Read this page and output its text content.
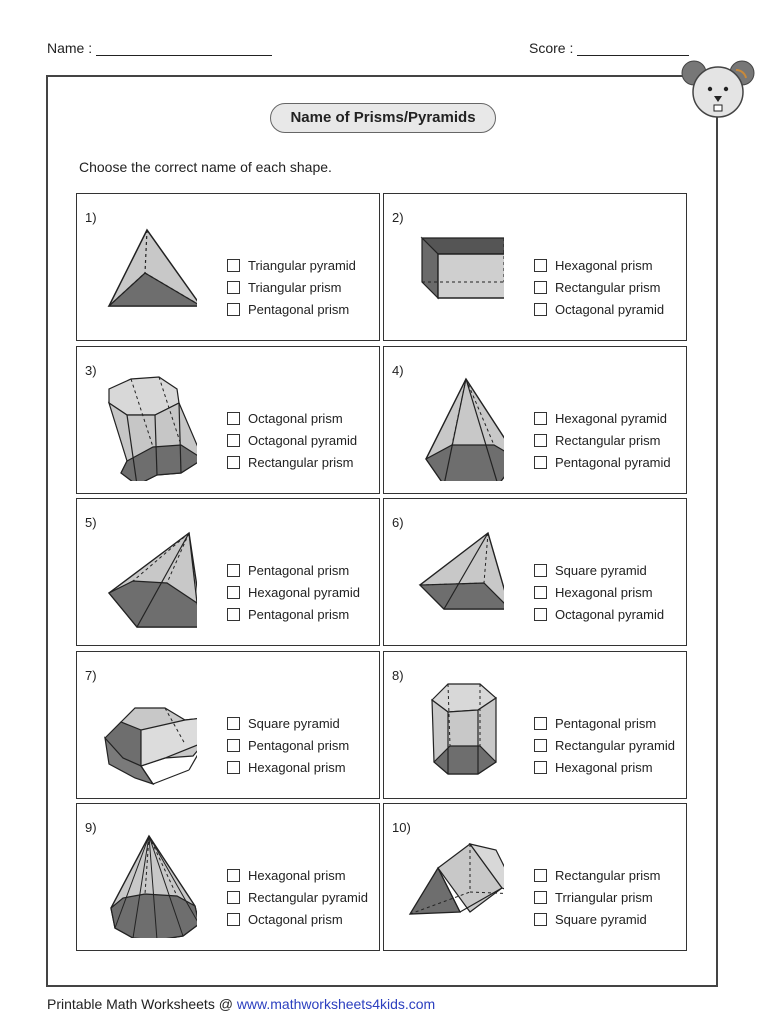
Name :	Score :
Name of Prisms/Pyramids
Choose the correct name of each shape.
1)
Triangular pyramid
Triangular prism
Pentagonal prism
2)
Hexagonal prism
Rectangular prism
Octagonal pyramid
3)
Octagonal prism
Octagonal pyramid
Rectangular prism
4)
Hexagonal pyramid
Rectangular prism
Pentagonal pyramid
5)
Pentagonal prism
Hexagonal pyramid
Pentagonal prism
6)
Square pyramid
Hexagonal prism
Octagonal pyramid
7)
Square pyramid
Pentagonal prism
Hexagonal prism
8)
Pentagonal prism
Rectangular pyramid
Hexagonal prism
9)
Hexagonal prism
Rectangular pyramid
Octagonal prism
10)
Rectangular prism
Trriangular prism
Square pyramid
Printable Math Worksheets @ www.mathworksheets4kids.com
